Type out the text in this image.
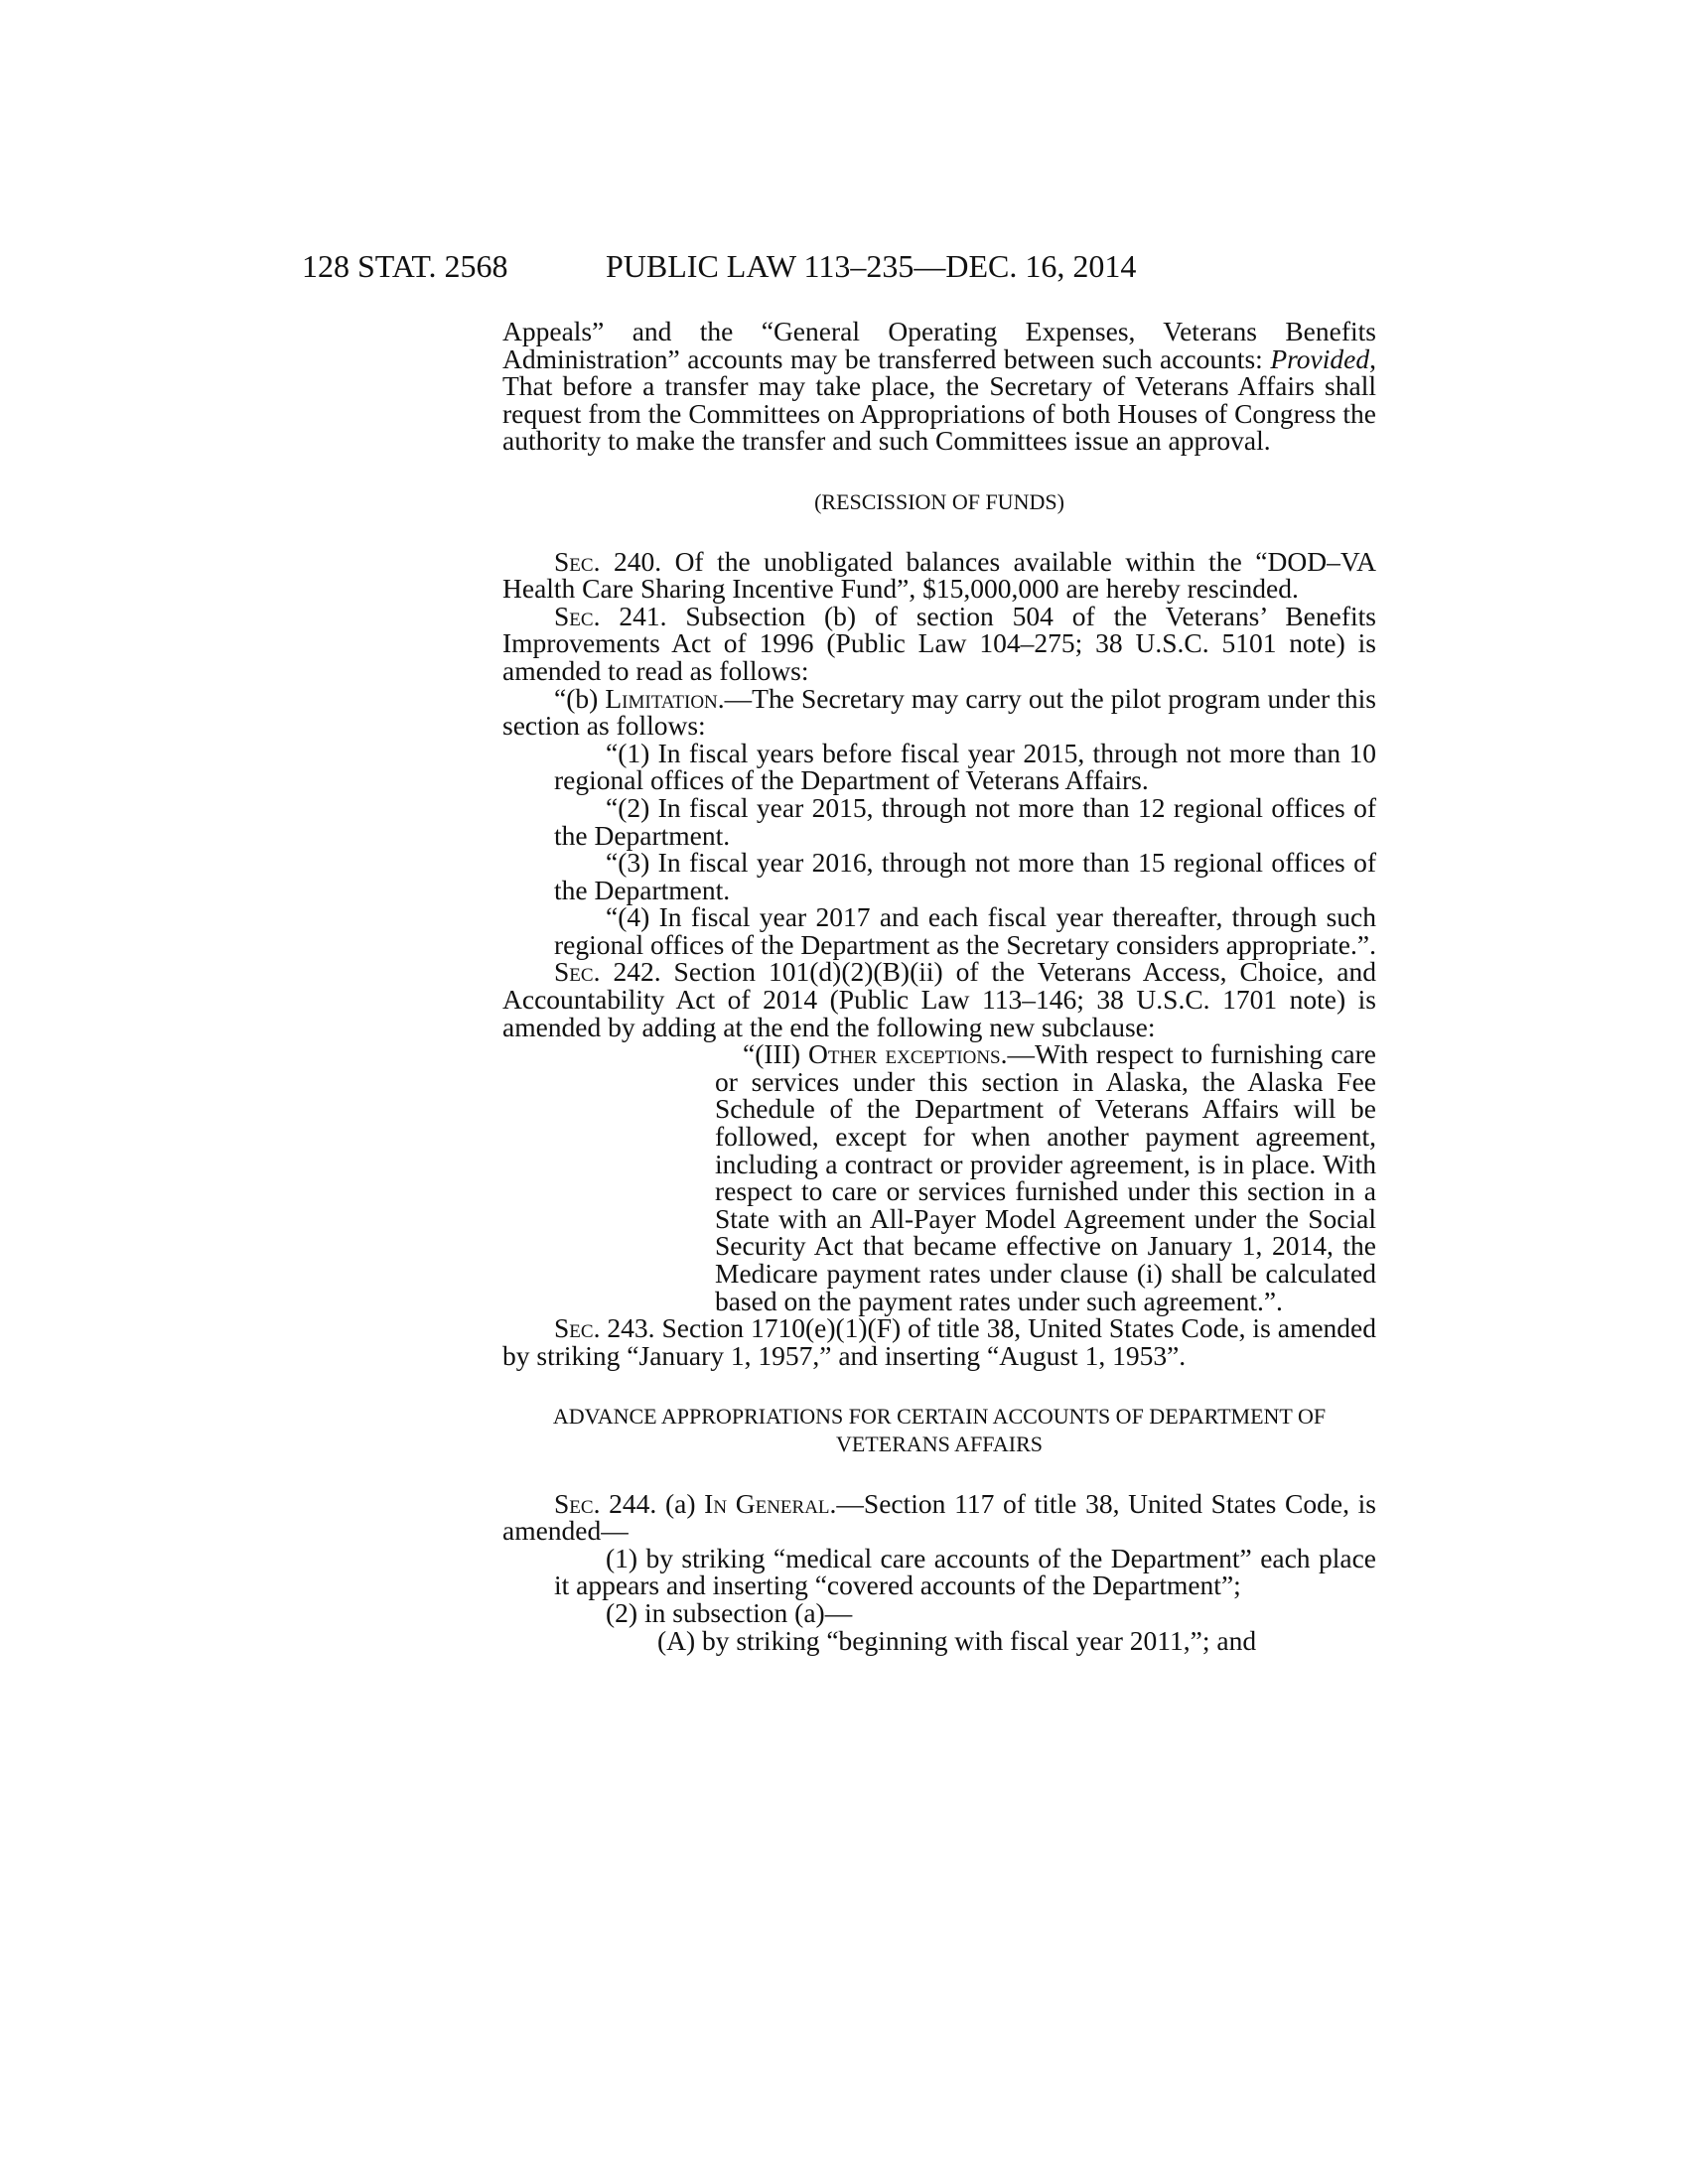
128 STAT. 2568	PUBLIC LAW 113–235—DEC. 16, 2014

Appeals” and the “General Operating Expenses, Veterans Benefits Administration” accounts may be transferred between such accounts: Provided, That before a transfer may take place, the Secretary of Veterans Affairs shall request from the Committees on Appropriations of both Houses of Congress the authority to make the transfer and such Committees issue an approval.

(RESCISSION OF FUNDS)

Sec. 240. Of the unobligated balances available within the “DOD–VA Health Care Sharing Incentive Fund”, $15,000,000 are hereby rescinded.

Sec. 241. Subsection (b) of section 504 of the Veterans’ Benefits Improvements Act of 1996 (Public Law 104–275; 38 U.S.C. 5101 note) is amended to read as follows:

“(b) Limitation.—The Secretary may carry out the pilot program under this section as follows:

“(1) In fiscal years before fiscal year 2015, through not more than 10 regional offices of the Department of Veterans Affairs.

“(2) In fiscal year 2015, through not more than 12 regional offices of the Department.

“(3) In fiscal year 2016, through not more than 15 regional offices of the Department.

“(4) In fiscal year 2017 and each fiscal year thereafter, through such regional offices of the Department as the Secretary considers appropriate.”.

Sec. 242. Section 101(d)(2)(B)(ii) of the Veterans Access, Choice, and Accountability Act of 2014 (Public Law 113–146; 38 U.S.C. 1701 note) is amended by adding at the end the following new subclause:

“(III) Other exceptions.—With respect to furnishing care or services under this section in Alaska, the Alaska Fee Schedule of the Department of Veterans Affairs will be followed, except for when another payment agreement, including a contract or provider agreement, is in place. With respect to care or services furnished under this section in a State with an All-Payer Model Agreement under the Social Security Act that became effective on January 1, 2014, the Medicare payment rates under clause (i) shall be calculated based on the payment rates under such agreement.”.

Sec. 243. Section 1710(e)(1)(F) of title 38, United States Code, is amended by striking “January 1, 1957,” and inserting “August 1, 1953”.

ADVANCE APPROPRIATIONS FOR CERTAIN ACCOUNTS OF DEPARTMENT OF VETERANS AFFAIRS

Sec. 244. (a) In General.—Section 117 of title 38, United States Code, is amended—

(1) by striking “medical care accounts of the Department” each place it appears and inserting “covered accounts of the Department”;

(2) in subsection (a)—

(A) by striking “beginning with fiscal year 2011,”; and
